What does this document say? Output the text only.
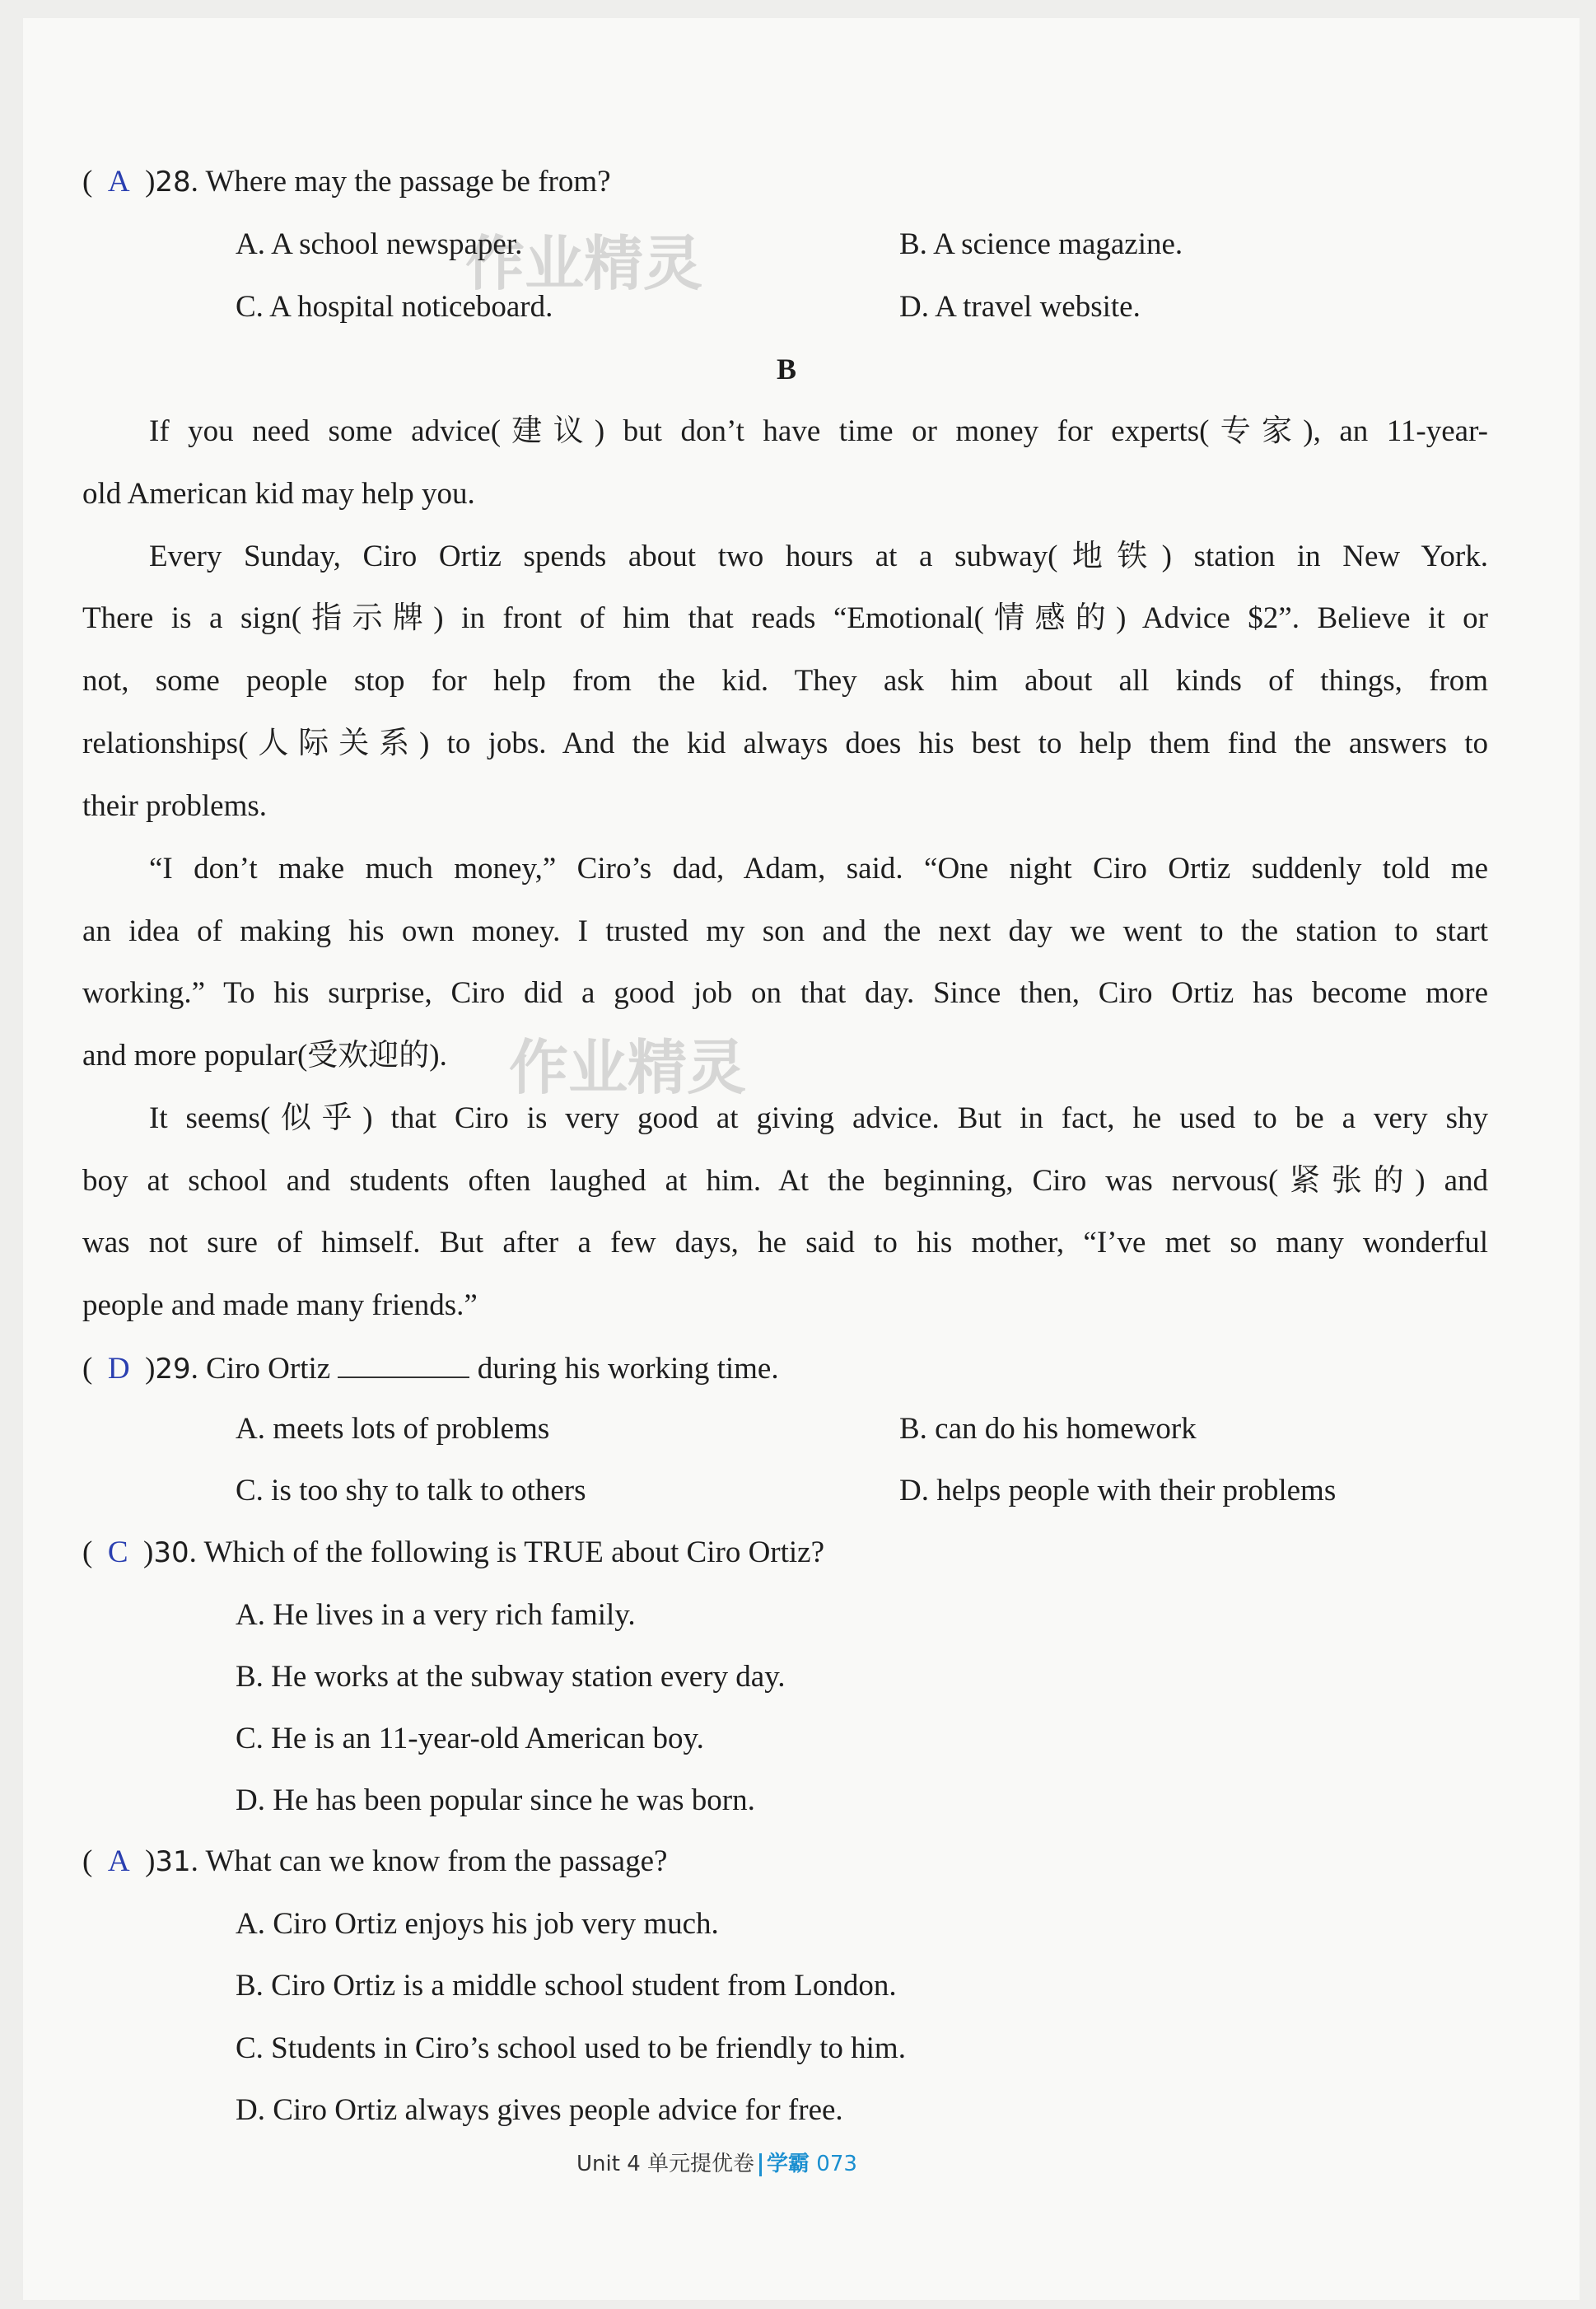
作业精灵
作业精灵
( A )28. Where may the passage be from?
A. A school newspaper.	B. A science magazine.
C. A hospital noticeboard.	D. A travel website.
B
If you need some advice(建议) but don’t have time or money for experts(专家), an 11-year-
old American kid may help you.
Every Sunday, Ciro Ortiz spends about two hours at a subway(地铁) station in New York.
There is a sign(指示牌) in front of him that reads “Emotional(情感的) Advice $2”. Believe it or
not, some people stop for help from the kid. They ask him about all kinds of things, from
relationships(人际关系) to jobs. And the kid always does his best to help them find the answers to
their problems.
“I don’t make much money,” Ciro’s dad, Adam, said. “One night Ciro Ortiz suddenly told me
an idea of making his own money. I trusted my son and the next day we went to the station to start
working.” To his surprise, Ciro did a good job on that day. Since then, Ciro Ortiz has become more
and more popular(受欢迎的).
It seems(似乎) that Ciro is very good at giving advice. But in fact, he used to be a very shy
boy at school and students often laughed at him. At the beginning, Ciro was nervous(紧张的) and
was not sure of himself. But after a few days, he said to his mother, “I’ve met so many wonderful
people and made many friends.”
( D )29. Ciro Ortiz	during his working time.
A. meets lots of problems	B. can do his homework
C. is too shy to talk to others	D. helps people with their problems
( C )30. Which of the following is TRUE about Ciro Ortiz?
A. He lives in a very rich family.
B. He works at the subway station every day.
C. He is an 11-year-old American boy.
D. He has been popular since he was born.
( A )31. What can we know from the passage?
A. Ciro Ortiz enjoys his job very much.
B. Ciro Ortiz is a middle school student from London.
C. Students in Ciro’s school used to be friendly to him.
D. Ciro Ortiz always gives people advice for free.
Unit 4 单元提优卷 学霸 073
